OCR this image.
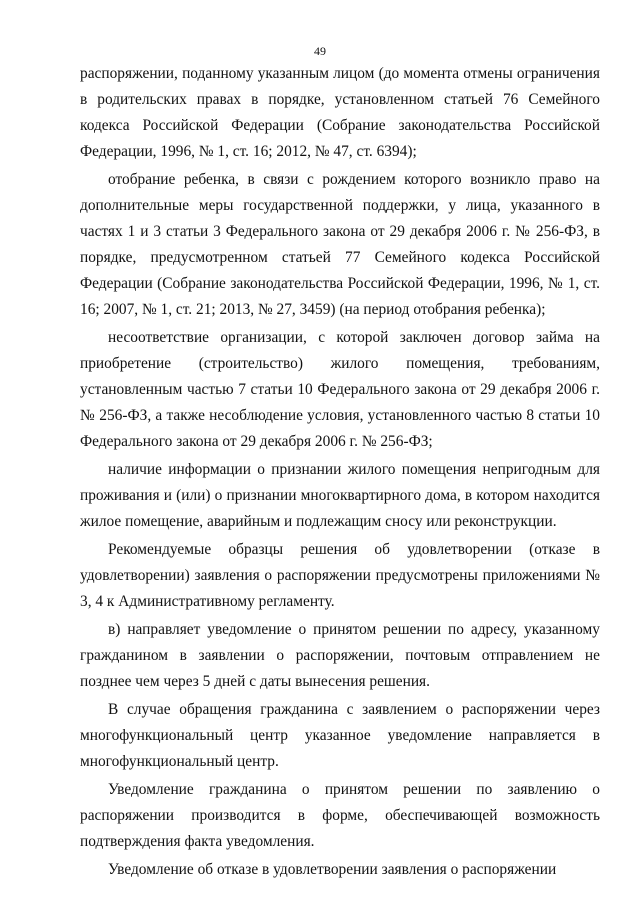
49

распоряжении, поданному указанным лицом (до момента отмены ограничения в родительских правах в порядке, установленном статьей 76 Семейного кодекса Российской Федерации (Собрание законодательства Российской Федерации, 1996, № 1, ст. 16; 2012, № 47, ст. 6394);

отобрание ребенка, в связи с рождением которого возникло право на дополнительные меры государственной поддержки, у лица, указанного в частях 1 и 3 статьи 3 Федерального закона от 29 декабря 2006 г. № 256-ФЗ, в порядке, предусмотренном статьей 77 Семейного кодекса Российской Федерации (Собрание законодательства Российской Федерации, 1996, № 1, ст. 16; 2007, № 1, ст. 21; 2013, № 27, 3459) (на период отобрания ребенка);

несоответствие организации, с которой заключен договор займа на приобретение (строительство) жилого помещения, требованиям, установленным частью 7 статьи 10 Федерального закона от 29 декабря 2006 г. № 256-ФЗ, а также несоблюдение условия, установленного частью 8 статьи 10 Федерального закона от 29 декабря 2006 г. № 256-ФЗ;

наличие информации о признании жилого помещения непригодным для проживания и (или) о признании многоквартирного дома, в котором находится жилое помещение, аварийным и подлежащим сносу или реконструкции.

Рекомендуемые образцы решения об удовлетворении (отказе в удовлетворении) заявления о распоряжении предусмотрены приложениями № 3, 4 к Административному регламенту.

в) направляет уведомление о принятом решении по адресу, указанному гражданином в заявлении о распоряжении, почтовым отправлением не позднее чем через 5 дней с даты вынесения решения.

В случае обращения гражданина с заявлением о распоряжении через многофункциональный центр указанное уведомление направляется в многофункциональный центр.

Уведомление гражданина о принятом решении по заявлению о распоряжении производится в форме, обеспечивающей возможность подтверждения факта уведомления.

Уведомление об отказе в удовлетворении заявления о распоряжении
